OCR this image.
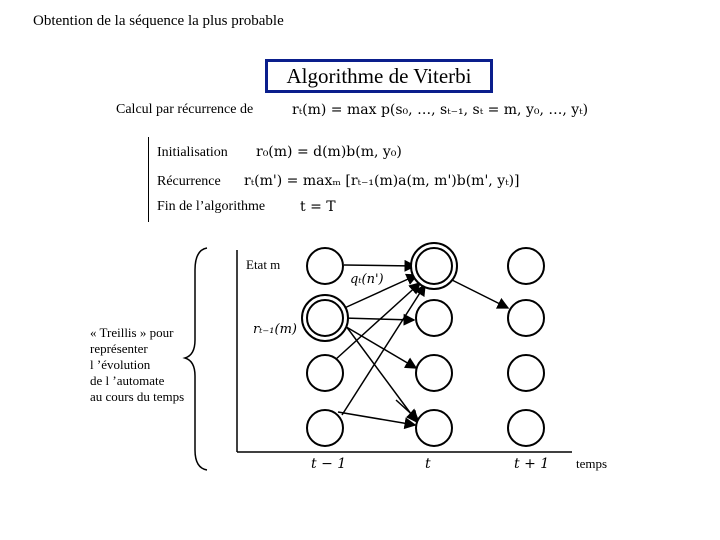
Obtention de la séquence la plus probable
Algorithme de Viterbi
Calcul par récurrence de	rₜ(m) = max p(s₀, …, sₜ₋₁, sₜ = m, y₀, …, yₜ)
Initialisation r₀(m) = d(m)b(m, y₀)
Récurrence rₜ(m') = maxₘ [rₜ₋₁(m)a(m, m')b(m', yₜ)]
Fin de l’algorithme t = T
« Treillis » pour
représenter
l ’évolution
de l ’automate
au cours du temps
Etat m
temps
t − 1	t	t + 1
qₜ(n')
rₜ₋₁(m)
